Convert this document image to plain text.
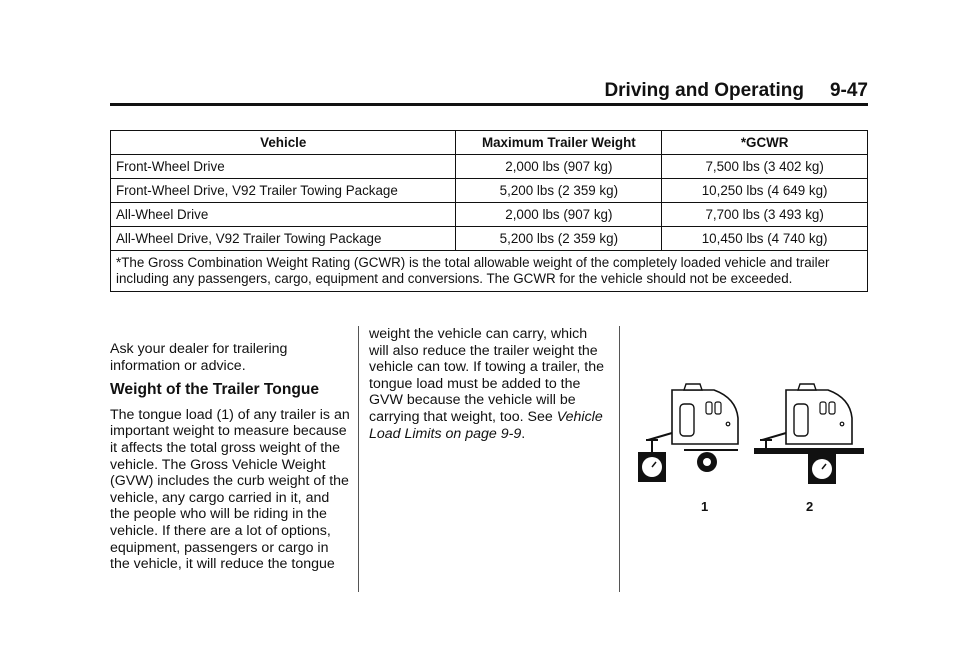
Driving and Operating 9-47
Vehicle	Maximum Trailer Weight	*GCWR
Front-Wheel Drive	2,000 lbs (907 kg)	7,500 lbs (3 402 kg)
Front-Wheel Drive, V92 Trailer Towing Package	5,200 lbs (2 359 kg)	10,250 lbs (4 649 kg)
All-Wheel Drive	2,000 lbs (907 kg)	7,700 lbs (3 493 kg)
All-Wheel Drive, V92 Trailer Towing Package	5,200 lbs (2 359 kg)	10,450 lbs (4 740 kg)
*The Gross Combination Weight Rating (GCWR) is the total allowable weight of the completely loaded vehicle and trailer including any passengers, cargo, equipment and conversions. The GCWR for the vehicle should not be exceeded.		

Ask your dealer for trailering information or advice.

Weight of the Trailer Tongue

The tongue load (1) of any trailer is an important weight to measure because it affects the total gross weight of the vehicle. The Gross Vehicle Weight (GVW) includes the curb weight of the vehicle, any cargo carried in it, and the people who will be riding in the vehicle. If there are a lot of options, equipment, passengers or cargo in the vehicle, it will reduce the tongue

weight the vehicle can carry, which will also reduce the trailer weight the vehicle can tow. If towing a trailer, the tongue load must be added to the GVW because the vehicle will be carrying that weight, too. See Vehicle Load Limits on page 9-9.

1	2
